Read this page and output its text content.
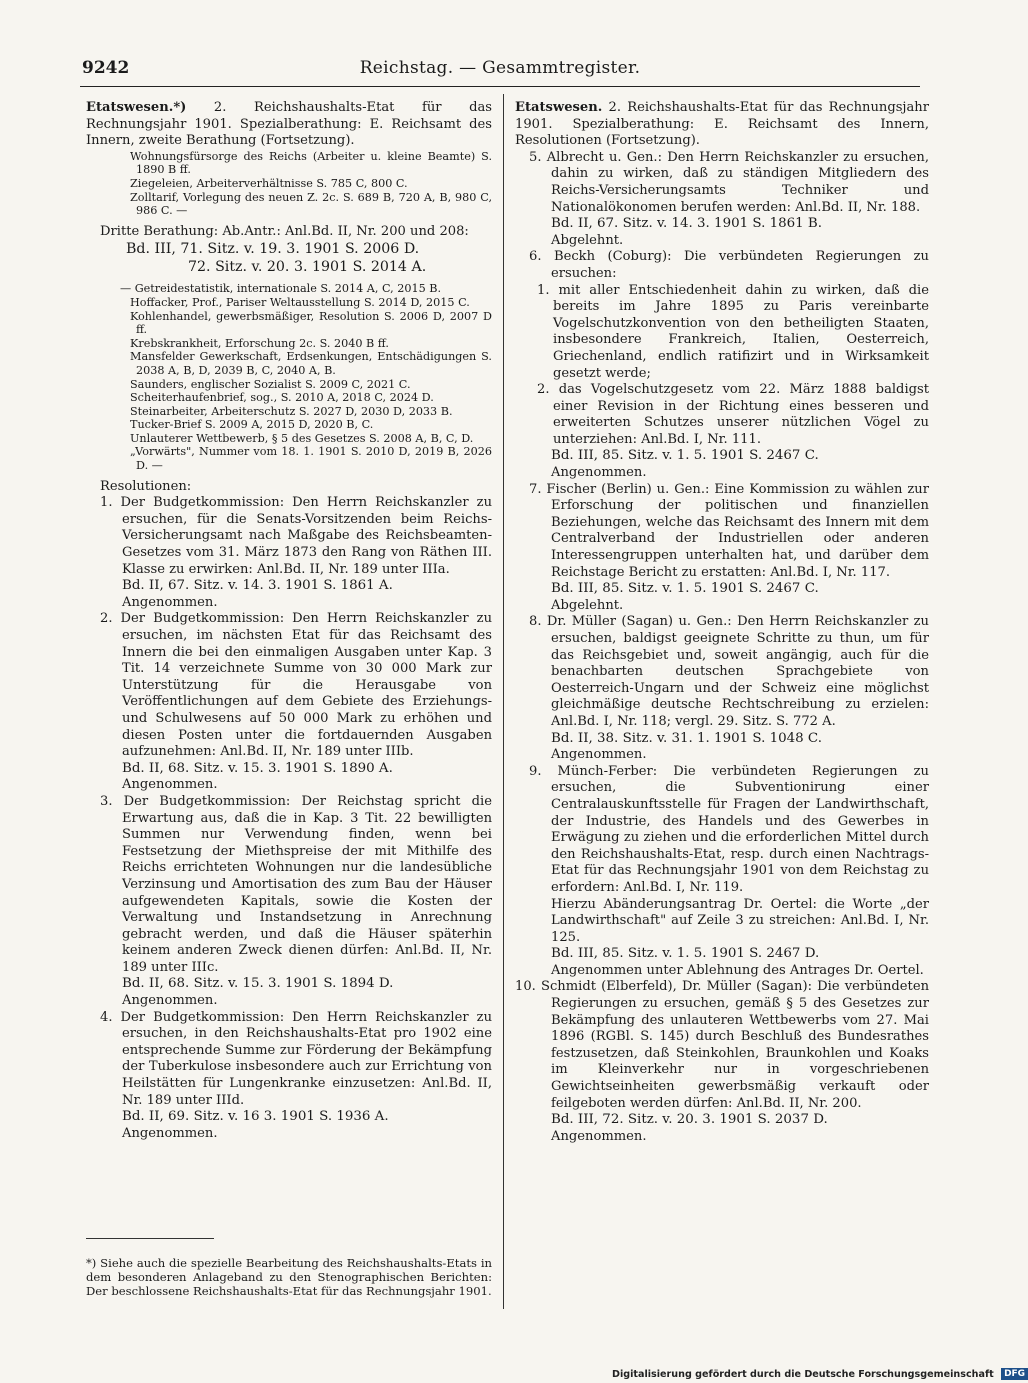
9242	Reichstag. — Gesammtregister.

Etatswesen.*) 2. Reichshaushalts-Etat für das Rechnungsjahr 1901. Spezialberathung: E. Reichsamt des Innern, zweite Berathung (Fortsetzung).

Wohnungsfürsorge des Reichs (Arbeiter u. kleine Beamte) S. 1890 B ff.

Ziegeleien, Arbeiterverhältnisse S. 785 C, 800 C.

Zolltarif, Vorlegung des neuen Z. 2c. S. 689 B, 720 A, B, 980 C, 986 C. —

Dritte Berathung: Ab.Antr.: Anl.Bd. II, Nr. 200 und 208:

Bd. III, 71. Sitz. v. 19. 3. 1901 S. 2006 D.

72. Sitz. v. 20. 3. 1901 S. 2014 A.

— Getreidestatistik, internationale S. 2014 A, C, 2015 B.

Hoffacker, Prof., Pariser Weltausstellung S. 2014 D, 2015 C.

Kohlenhandel, gewerbsmäßiger, Resolution S. 2006 D, 2007 D ff.

Krebskrankheit, Erforschung 2c. S. 2040 B ff.

Mansfelder Gewerkschaft, Erdsenkungen, Entschädigungen S. 2038 A, B, D, 2039 B, C, 2040 A, B.

Saunders, englischer Sozialist S. 2009 C, 2021 C.

Scheiterhaufenbrief, sog., S. 2010 A, 2018 C, 2024 D.

Steinarbeiter, Arbeiterschutz S. 2027 D, 2030 D, 2033 B.

Tucker-Brief S. 2009 A, 2015 D, 2020 B, C.

Unlauterer Wettbewerb, § 5 des Gesetzes S. 2008 A, B, C, D.

„Vorwärts", Nummer vom 18. 1. 1901 S. 2010 D, 2019 B, 2026 D. —

Resolutionen:

1. Der Budgetkommission: Den Herrn Reichskanzler zu ersuchen, für die Senats-Vorsitzenden beim Reichs-Versicherungsamt nach Maßgabe des Reichsbeamten-Gesetzes vom 31. März 1873 den Rang von Räthen III. Klasse zu erwirken: Anl.Bd. II, Nr. 189 unter IIIa.

Bd. II, 67. Sitz. v. 14. 3. 1901 S. 1861 A.

Angenommen.

2. Der Budgetkommission: Den Herrn Reichskanzler zu ersuchen, im nächsten Etat für das Reichsamt des Innern die bei den einmaligen Ausgaben unter Kap. 3 Tit. 14 verzeichnete Summe von 30 000 Mark zur Unterstützung für die Herausgabe von Veröffentlichungen auf dem Gebiete des Erziehungs- und Schulwesens auf 50 000 Mark zu erhöhen und diesen Posten unter die fortdauernden Ausgaben aufzunehmen: Anl.Bd. II, Nr. 189 unter IIIb.

Bd. II, 68. Sitz. v. 15. 3. 1901 S. 1890 A.

Angenommen.

3. Der Budgetkommission: Der Reichstag spricht die Erwartung aus, daß die in Kap. 3 Tit. 22 bewilligten Summen nur Verwendung finden, wenn bei Festsetzung der Miethspreise der mit Mithilfe des Reichs errichteten Wohnungen nur die landesübliche Verzinsung und Amortisation des zum Bau der Häuser aufgewendeten Kapitals, sowie die Kosten der Verwaltung und Instandsetzung in Anrechnung gebracht werden, und daß die Häuser späterhin keinem anderen Zweck dienen dürfen: Anl.Bd. II, Nr. 189 unter IIIc.

Bd. II, 68. Sitz. v. 15. 3. 1901 S. 1894 D.

Angenommen.

4. Der Budgetkommission: Den Herrn Reichskanzler zu ersuchen, in den Reichshaushalts-Etat pro 1902 eine entsprechende Summe zur Förderung der Bekämpfung der Tuberkulose insbesondere auch zur Errichtung von Heilstätten für Lungenkranke einzusetzen: Anl.Bd. II, Nr. 189 unter IIId.

Bd. II, 69. Sitz. v. 16 3. 1901 S. 1936 A.

Angenommen.

*) Siehe auch die spezielle Bearbeitung des Reichshaushalts-Etats in dem besonderen Anlageband zu den Stenographischen Berichten: Der beschlossene Reichshaushalts-Etat für das Rechnungsjahr 1901.

Etatswesen. 2. Reichshaushalts-Etat für das Rechnungsjahr 1901. Spezialberathung: E. Reichsamt des Innern, Resolutionen (Fortsetzung).

5. Albrecht u. Gen.: Den Herrn Reichskanzler zu ersuchen, dahin zu wirken, daß zu ständigen Mitgliedern des Reichs-Versicherungsamts Techniker und Nationalökonomen berufen werden: Anl.Bd. II, Nr. 188.

Bd. II, 67. Sitz. v. 14. 3. 1901 S. 1861 B.

Abgelehnt.

6. Beckh (Coburg): Die verbündeten Regierungen zu ersuchen:

1. mit aller Entschiedenheit dahin zu wirken, daß die bereits im Jahre 1895 zu Paris vereinbarte Vogelschutzkonvention von den betheiligten Staaten, insbesondere Frankreich, Italien, Oesterreich, Griechenland, endlich ratifizirt und in Wirksamkeit gesetzt werde;

2. das Vogelschutzgesetz vom 22. März 1888 baldigst einer Revision in der Richtung eines besseren und erweiterten Schutzes unserer nützlichen Vögel zu unterziehen: Anl.Bd. I, Nr. 111.

Bd. III, 85. Sitz. v. 1. 5. 1901 S. 2467 C.

Angenommen.

7. Fischer (Berlin) u. Gen.: Eine Kommission zu wählen zur Erforschung der politischen und finanziellen Beziehungen, welche das Reichsamt des Innern mit dem Centralverband der Industriellen oder anderen Interessengruppen unterhalten hat, und darüber dem Reichstage Bericht zu erstatten: Anl.Bd. I, Nr. 117.

Bd. III, 85. Sitz. v. 1. 5. 1901 S. 2467 C.

Abgelehnt.

8. Dr. Müller (Sagan) u. Gen.: Den Herrn Reichskanzler zu ersuchen, baldigst geeignete Schritte zu thun, um für das Reichsgebiet und, soweit angängig, auch für die benachbarten deutschen Sprachgebiete von Oesterreich-Ungarn und der Schweiz eine möglichst gleichmäßige deutsche Rechtschreibung zu erzielen: Anl.Bd. I, Nr. 118; vergl. 29. Sitz. S. 772 A.

Bd. II, 38. Sitz. v. 31. 1. 1901 S. 1048 C.

Angenommen.

9. Münch-Ferber: Die verbündeten Regierungen zu ersuchen, die Subventionirung einer Centralauskunftsstelle für Fragen der Landwirthschaft, der Industrie, des Handels und des Gewerbes in Erwägung zu ziehen und die erforderlichen Mittel durch den Reichshaushalts-Etat, resp. durch einen Nachtrags-Etat für das Rechnungsjahr 1901 von dem Reichstag zu erfordern: Anl.Bd. I, Nr. 119.

Hierzu Abänderungsantrag Dr. Oertel: die Worte „der Landwirthschaft" auf Zeile 3 zu streichen: Anl.Bd. I, Nr. 125.

Bd. III, 85. Sitz. v. 1. 5. 1901 S. 2467 D.

Angenommen unter Ablehnung des Antrages Dr. Oertel.

10. Schmidt (Elberfeld), Dr. Müller (Sagan): Die verbündeten Regierungen zu ersuchen, gemäß § 5 des Gesetzes zur Bekämpfung des unlauteren Wettbewerbs vom 27. Mai 1896 (RGBl. S. 145) durch Beschluß des Bundesrathes festzusetzen, daß Steinkohlen, Braunkohlen und Koaks im Kleinverkehr nur in vorgeschriebenen Gewichtseinheiten gewerbsmäßig verkauft oder feilgeboten werden dürfen: Anl.Bd. II, Nr. 200.

Bd. III, 72. Sitz. v. 20. 3. 1901 S. 2037 D.

Angenommen.

Digitalisierung gefördert durch die Deutsche Forschungsgemeinschaft DFG
